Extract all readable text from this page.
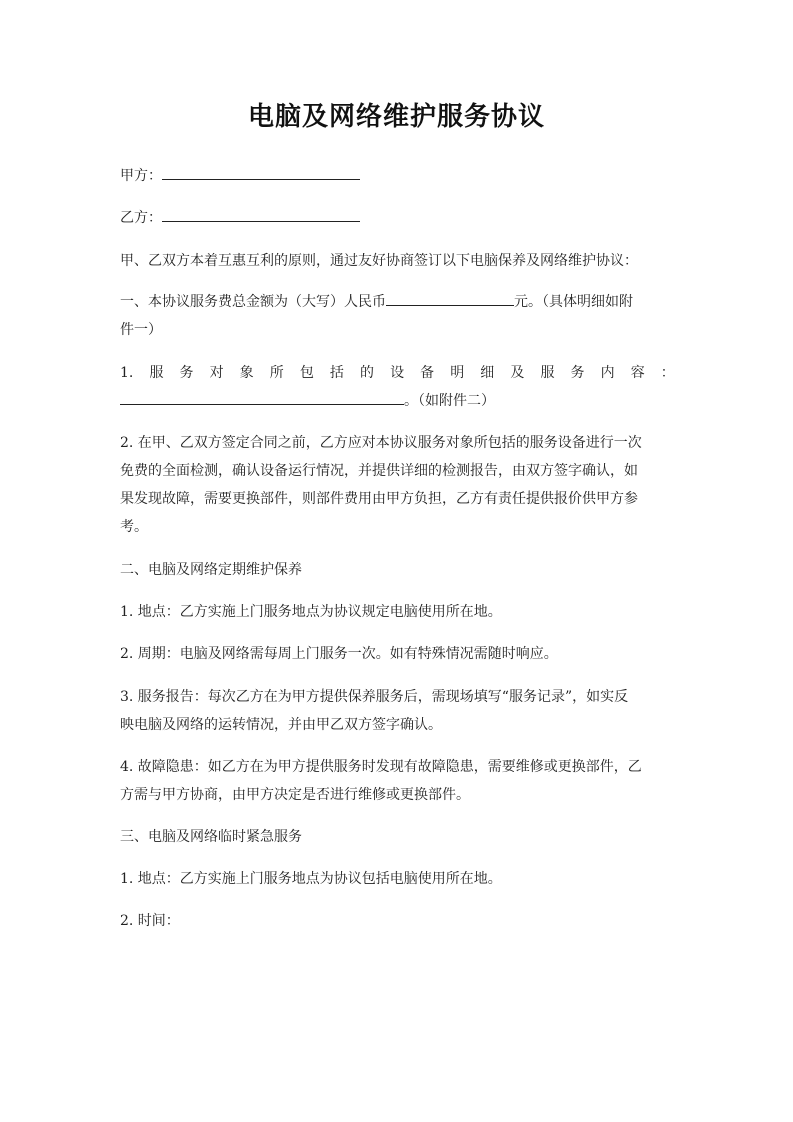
电脑及网络维护服务协议

甲方：

乙方：

甲、乙双方本着互惠互利的原则，通过友好协商签订以下电脑保养及网络维护协议：

一、本协议服务费总金额为（大写）人民币	元。（具体明细如附

件一）

1. 服 务 对 象 所 包 括 的 设 备 明 细 及 服 务 内 容 ：

。（如附件二）

2. 在甲、乙双方签定合同之前，乙方应对本协议服务对象所包括的服务设备进行一次

免费的全面检测，确认设备运行情况，并提供详细的检测报告，由双方签字确认，如

果发现故障，需要更换部件，则部件费用由甲方负担，乙方有责任提供报价供甲方参

考。

二、电脑及网络定期维护保养

1. 地点：乙方实施上门服务地点为协议规定电脑使用所在地。

2. 周期：电脑及网络需每周上门服务一次。如有特殊情况需随时响应。

3. 服务报告：每次乙方在为甲方提供保养服务后，需现场填写“服务记录”，如实反

映电脑及网络的运转情况，并由甲乙双方签字确认。

4. 故障隐患：如乙方在为甲方提供服务时发现有故障隐患，需要维修或更换部件，乙

方需与甲方协商，由甲方决定是否进行维修或更换部件。

三、电脑及网络临时紧急服务

1. 地点：乙方实施上门服务地点为协议包括电脑使用所在地。

2. 时间：
